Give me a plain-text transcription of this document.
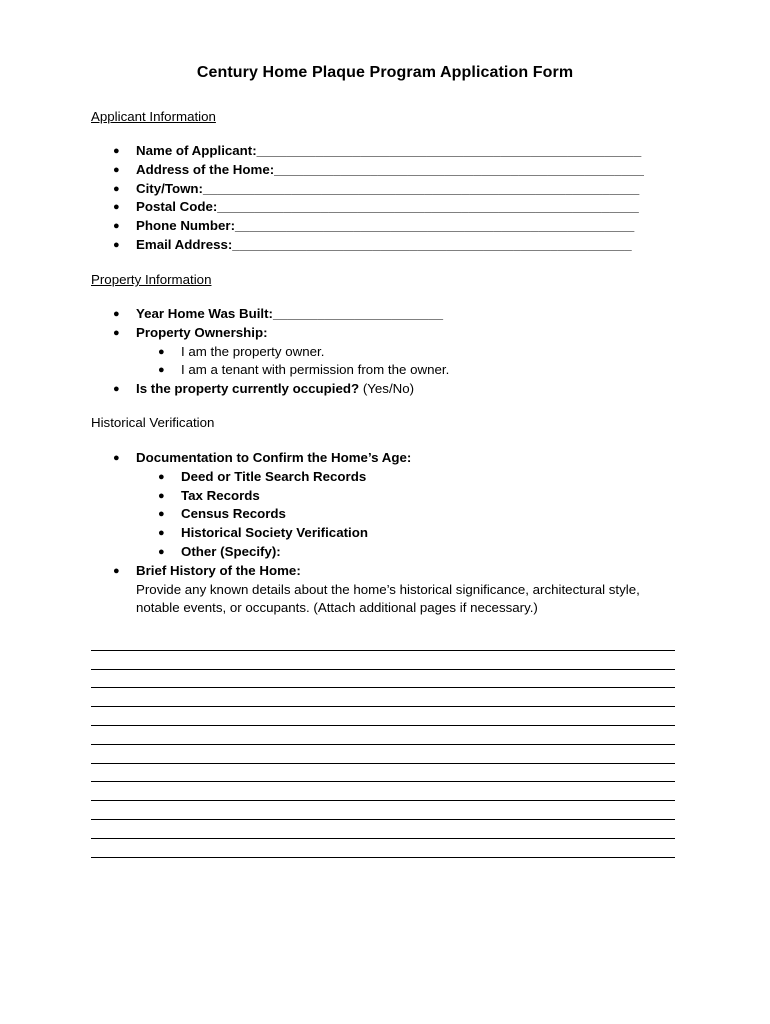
Century Home Plaque Program Application Form
Applicant Information
● Name of Applicant:____________________________________________________
● Address of the Home:__________________________________________________
● City/Town:___________________________________________________________
● Postal Code:_________________________________________________________
● Phone Number:______________________________________________________
● Email Address:______________________________________________________
Property Information
● Year Home Was Built:_______________________
● Property Ownership:
● I am the property owner.
● I am a tenant with permission from the owner.
● Is the property currently occupied? (Yes/No)
Historical Verification
● Documentation to Confirm the Home’s Age:
● Deed or Title Search Records
● Tax Records
● Census Records
● Historical Society Verification
● Other (Specify):
● Brief History of the Home:
Provide any known details about the home’s historical significance, architectural style, notable events, or occupants. (Attach additional pages if necessary.)
